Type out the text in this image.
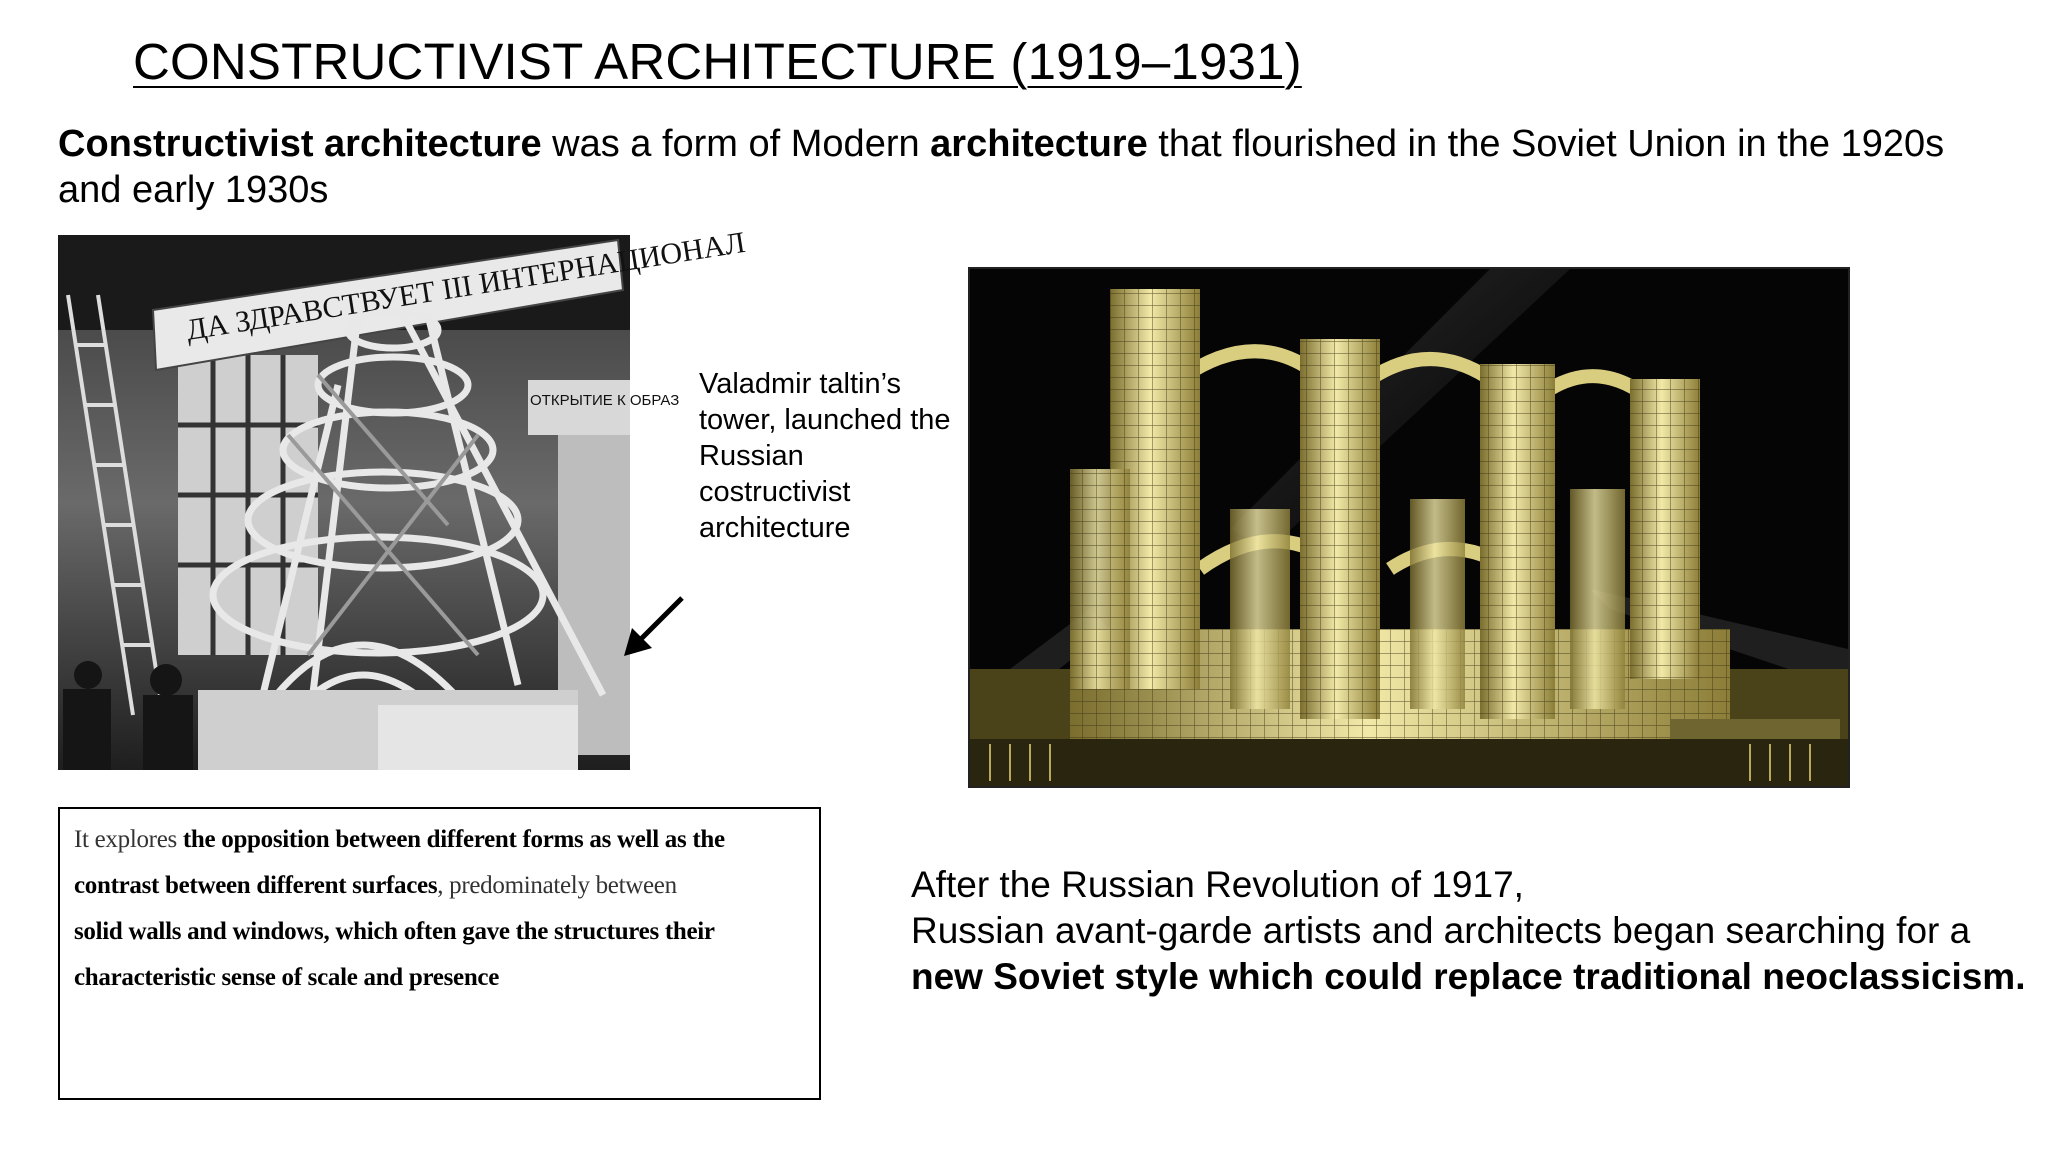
CONSTRUCTIVIST ARCHITECTURE (1919–1931)
Constructivist architecture was a form of Modern architecture that flourished in the Soviet Union in the 1920s and early 1930s
ДА ЗДРАВСТВУЕТ III ИНТЕРНАЦИОНАЛ
ОТКРЫТИЕ К ОБРАЗ
Valadmir taltin’s tower, launched the Russian costructivist architecture
It explores the opposition between different forms as well as the contrast between different surfaces, predominately between
solid walls and windows, which often gave the structures their characteristic sense of scale and presence
After the Russian Revolution of 1917,
Russian avant-garde artists and architects began searching for a
new Soviet style which could replace traditional neoclassicism.
